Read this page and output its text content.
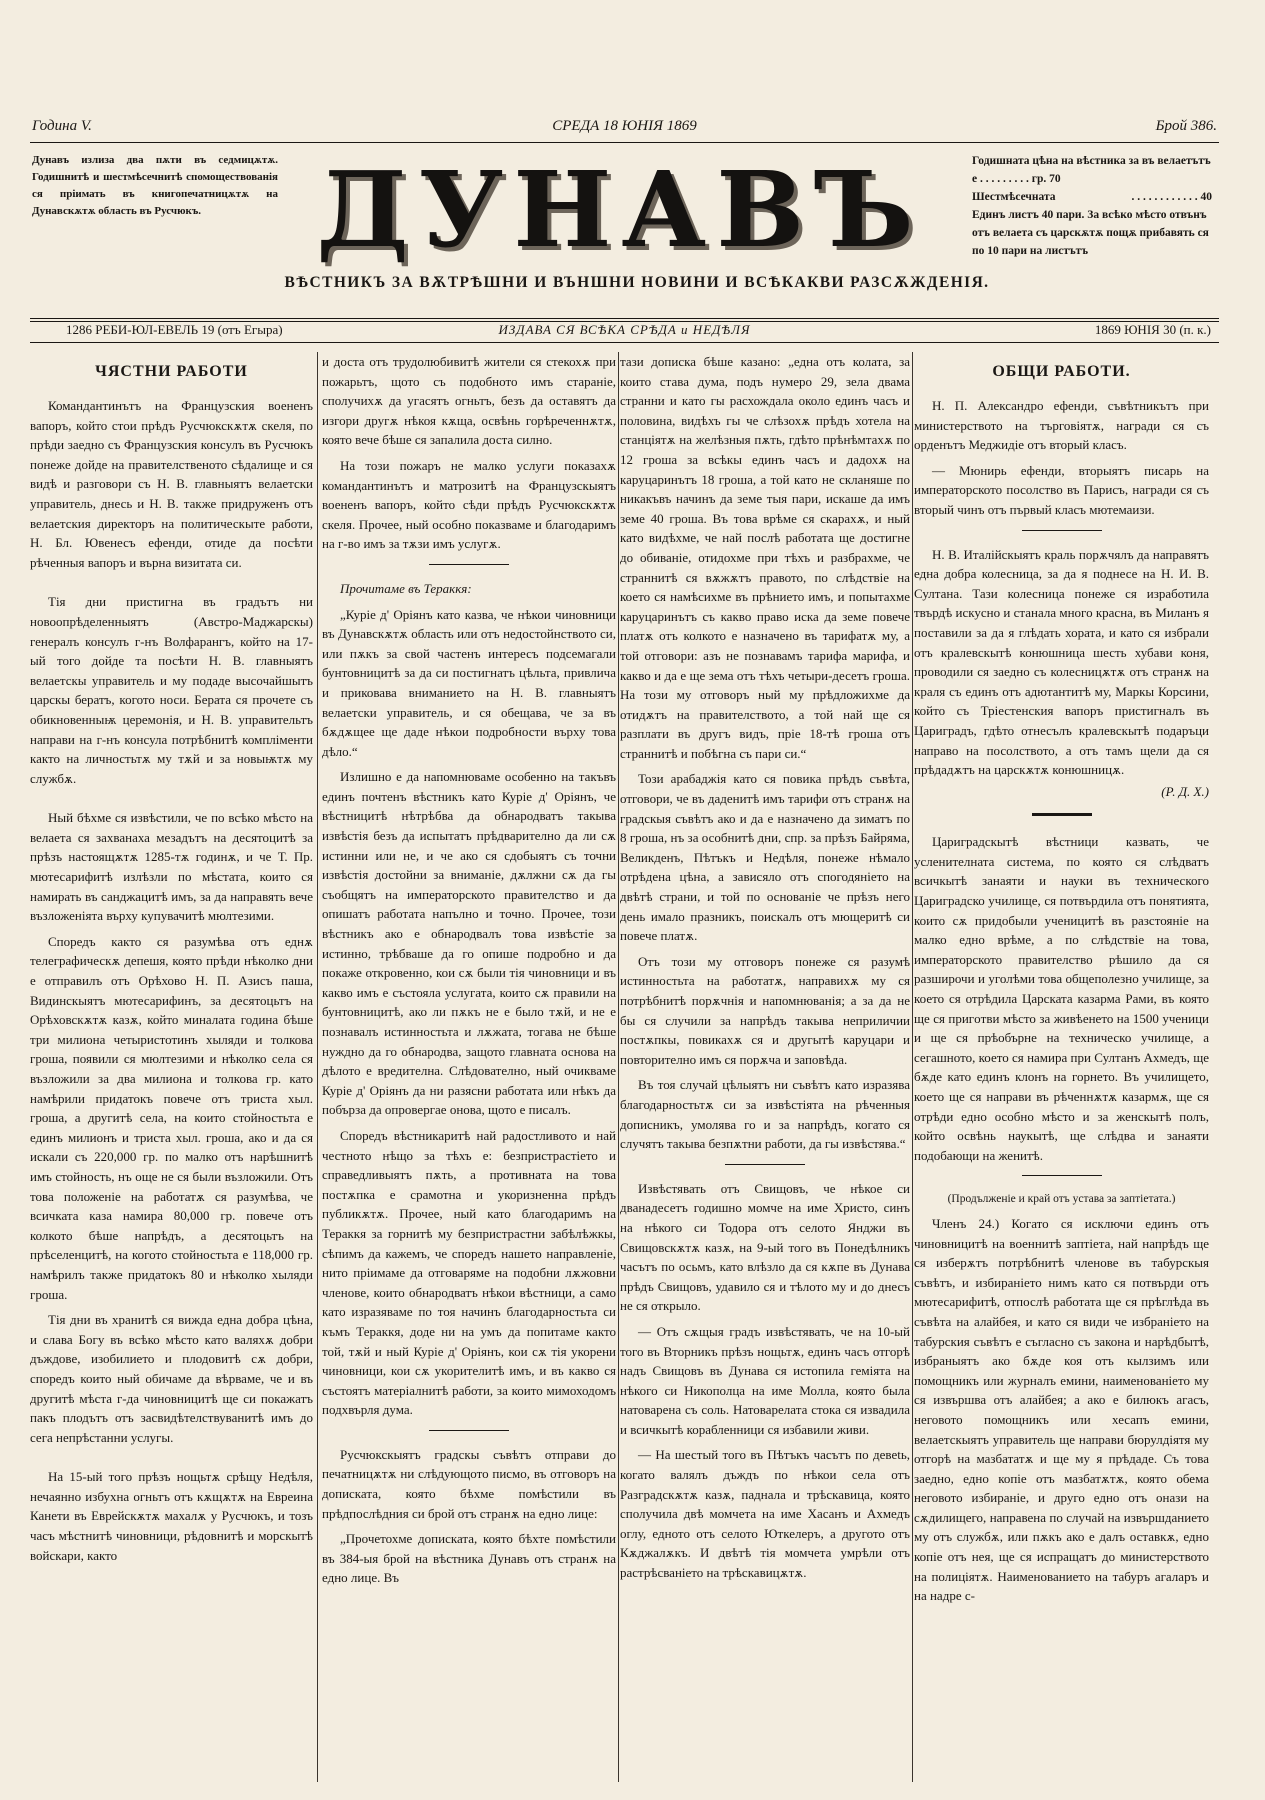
Година V.	СРЕДА 18 ЮНІЯ 1869	Брой 386.
Дунавъ излиза два пѫти въ седмицѫтѫ. Годишнитѣ и шестмѣсечнитѣ спомоществованія ся пріимать въ книгопечатницѫтѫ на Дунавскѫтѫ область въ Русчюкъ.	ДУНАВЪ	Годишната цѣна на вѣстника за въ велаетътъ е . . . . . . . . . гр. 70
Шестмѣсечната	. . . . . . . . . . . . 40
Единъ листъ 40 пари. За всѣко мѣсто отвънъ отъ велаета съ царскѫтѫ пощѫ прибавять ся по 10 пари на листътъ
ВѢСТНИКЪ ЗА ВѪТРѢШНИ И ВЪНШНИ НОВИНИ И ВСѢКАКВИ РАЗСѪЖДЕНІЯ.
1286 РЕБИ-ЮЛ-ЕВЕЛЬ 19 (отъ Егыра)	ИЗДАВА СЯ ВСѢКА СРѢДА и НЕДѢЛЯ	1869 ЮНІЯ 30 (п. к.)
ЧЯСТНИ РАБОТИ

Командантинътъ на Французския воененъ вапоръ, който стои прѣдъ Русчюкскѫтѫ скеля, по прѣди заедно съ Французския консулъ въ Русчюкъ понеже дойде на правителственото сѣдалище и ся видѣ и разговори съ Н. В. главныятъ велаетски управитель, днесь и Н. В. также придруженъ отъ велаетския директоръ на политическыте работи, Н. Бл. Ювенесъ ефенди, отиде да посѣти рѣченныя вапоръ и върна визитата си.

Тія дни пристигна въ градътъ ни новоопрѣделенныятъ (Австро-Маджарскы) генералъ консулъ г-нъ Волфарангъ, който на 17-ый того дойде та посѣти Н. В. главныятъ велаетскы управитель и му подаде высочайшытъ царскы бератъ, когото носи. Берата ся прочете съ обикновенныѭ церемонія, и Н. В. управительтъ направи на г-нъ консула потрѣбнитѣ компліменти както на личностьтѫ му тѫй и за новыѭтѫ му службѫ.

Ный бѣхме ся извѣстили, че по всѣко мѣсто на велаета ся захванаха мезадътъ на десятоцитѣ за прѣзъ настоящѫтѫ 1285-тѫ годинѫ, и че Т. Пр. мютесарифитѣ излѣзли по мѣстата, които ся намирать въ санджацитѣ имъ, за да направять вече възложеніята върху купувачитѣ мюлтезими.

Споредъ както ся разумѣва отъ еднѫ телеграфическѫ депешя, която прѣди нѣколко дни е отправилъ отъ Орѣхово Н. П. Азисъ паша, Видинскыятъ мютесарифинъ, за десятоцьтъ на Орѣховскѫтѫ казѫ, който миналата година бѣше три милиона четыристотинъ хыляди и толкова гроша, появили ся мюлтезими и нѣколко села ся възложили за два милиона и толкова гр. като намѣрили придатокъ повече отъ триста хыл. гроша, а другитѣ села, на които стойностьта е единъ милионъ и триста хыл. гроша, ако и да ся искали съ 220,000 гр. по малко отъ нарѣшнитѣ имъ стойность, нъ още не ся были възложили. Отъ това положеніе на работатѫ ся разумѣва, че всичката каза намира 80,000 гр. повече отъ колкото бѣше напрѣдъ, а десятоцьтъ на прѣселенцитѣ, на когото стойностьта е 118,000 гр. намѣрилъ также придатокъ 80 и нѣколко хыляди гроша.

Тія дни въ хранитѣ ся вижда една добра цѣна, и слава Богу въ всѣко мѣсто като валяхѫ добри дъждове, изобилието и плодовитѣ сѫ добри, споредъ които ный обичаме да вѣрваме, че и въ другитѣ мѣста г-да чиновницитѣ ще си покажатъ пакъ плодътъ отъ засвидѣтелствуванитѣ имъ до сега непрѣстанни услугы.

На 15-ый того прѣзъ нощьтѫ срѣщу Недѣля, нечаянно избухна огньтъ отъ кѫщѫтѫ на Евреина Канети въ Еврейскѫтѫ махалѫ у Русчюкъ, и тозъ часъ мѣстнитѣ чиновници, рѣдовнитѣ и морскытѣ войскари, както

и доста отъ трудолюбивитѣ жители ся стекохѫ при пожарьтъ, щото съ подобното имъ стараніе, сполучихѫ да угасятъ огньтъ, безъ да оставятъ да изгори другѫ нѣкоя кѫща, освѣнь горѣреченнѫтѫ, която вече бѣше ся запалила доста силно.

На този пожаръ не малко услуги показахѫ командантинътъ и матрозитѣ на Французскыятъ воененъ вапоръ, който сѣди прѣдъ Русчюкскѫтѫ скеля. Прочее, ный особно показваме и благодаримъ на г-во имъ за тѫзи имъ услугѫ.

Прочитаме въ Тераккя:

„Курiе д' Орiянъ като казва, че нѣкои чиновници въ Дунавскѫтѫ область или отъ недостойнството си, или пѫкъ за свой частенъ интересъ подсемагали бунтовницитѣ за да си постигнатъ цѣльта, привлича и приковава вниманието на Н. В. главныятъ велаетски управитель, и ся обещава, че за въ бѫдѫщее ще даде нѣкои подробности върху това дѣло.“

Излишно е да напомнюваме особенно на такъвъ единъ почтенъ вѣстникъ като Курiе д' Орiянъ, че вѣстницитѣ нѣтрѣбва да обнародватъ такыва извѣстія безъ да испытатъ прѣдварително да ли сѫ истинни или не, и че ако ся сдобыятъ съ точни извѣстія достойни за вниманіе, дѫлжни сѫ да гы съобщятъ на императорското правителство и да опишатъ работата напълно и точно. Прочее, този вѣстникъ ако е обнародвалъ това извѣстіе за истинно, трѣбваше да го опише подробно и да покаже откровенно, кои сѫ были тія чиновници и въ какво имъ е състояла услугата, които сѫ правили на бунтовницитѣ, ако ли пѫкъ не е было тѫй, и не е познавалъ истинностьта и лѫжата, тогава не бѣше нуждно да го обнародва, защото главната основа на дѣлото е вредителна. Слѣдователно, ный очикваме Курiе д' Орiянъ да ни разясни работата или нѣкъ да побърза да опровергае онова, щото е писалъ.

Споредъ вѣстникаритѣ най радостливото и най честното нѣщо за тѣхъ е: безпристрастiето и справедливыятъ пѫть, а противната на това постѫпка е срамотна и укоризненна прѣдъ публикѫтѫ. Прочее, ный като благодаримъ на Тераккя за горнитѣ му безпристрастни забѣлѣжкы, сѣпимъ да кажемъ, че споредъ нашето направленіе, нито пріимаме да отговаряме на подобни лѫжовни членове, които обнародватъ нѣкои вѣстници, а само като изразяваме по тоя начинъ благодарностьта си къмъ Тераккя, доде ни на умъ да попитаме както той, тѫй и ный Курiе д' Орiянъ, кои сѫ тія укорени чиновници, кои сѫ укорителитѣ имъ, и въ какво ся състоятъ матеріалнитѣ работи, за които мимоходомъ подхвърля дума.

Русчюкскыятъ градскы съвѣтъ отправи до печатницѫтѫ ни слѣдующото писмо, въ отговоръ на дописката, която бѣхме помѣстили въ прѣдпослѣдния си брой отъ странѫ на едно лице:

„Прочетохме дописката, която бѣхте помѣстили въ 384-ыя брой на вѣстника Дунавъ отъ странѫ на едно лице. Въ

тази дописка бѣше казано: „една отъ колата, за които става дума, подъ нумеро 29, зела двама странни и като гы расхождала около единъ часъ и половина, видѣхъ гы че слѣзохѫ прѣдъ хотела на станціятѫ на желѣзныя пѫть, гдѣто прѣнѣмтахѫ по 12 гроша за всѣкы единъ часъ и дадохѫ на каруцаринътъ 18 гроша, а той като не скланяше по никакъвъ начинъ да земе тыя пари, искаше да имъ земе 40 гроша. Въ това врѣме ся скарахѫ, и ный като видѣхме, че най послѣ работата ще достигне до обиваніе, отидохме при тѣхъ и разбрахме, че страннитѣ ся вѫжѫтъ правото, по слѣдствіе на което ся намѣсихме въ прѣнието имъ, и попытахме каруцаринътъ съ какво право иска да земе повече платѫ отъ колкото е назначено въ тарифатѫ му, а той отговори: азъ не познавамъ тарифа марифа, и какво и да е ще зема отъ тѣхъ четыри-десетъ гроша. На този му отговоръ ный му прѣдложихме да отидѫтъ на правителството, а той най ще ся разплати въ другъ видъ, прiе 18-тѣ гроша отъ страннитѣ и побѣгна съ пари си.“

Този арабаджія като ся повика прѣдъ съвѣта, отговори, че въ даденитѣ имъ тарифи отъ странѫ на градскыя съвѣтъ ако и да е назначено да зиматъ по 8 гроша, нъ за особнитѣ дни, спр. за прѣзъ Байряма, Великденъ, Пѣтъкъ и Недѣля, понеже нѣмало отрѣдена цѣна, а зависяло отъ спогодяніето на двѣтѣ страни, и той по основаніе че прѣзъ него день имало празникъ, поискалъ отъ мющеритѣ си повече платѫ.

Отъ този му отговоръ понеже ся разумѣ истинностьта на работатѫ, направихѫ му ся потрѣбнитѣ порѫчнія и напомнюванія; а за да не бы ся случили за напрѣдъ такыва неприличии постѫпкы, повикахѫ ся и другытѣ каруцари и повторително имъ ся порѫча и заповѣда.

Въ тоя случай цѣлыятъ ни съвѣтъ като изразява благодарностьтѫ си за извѣстіята на рѣченныя дописникъ, умолява го и за напрѣдъ, когато ся случятъ такыва безпѫтни работи, да гы извѣстява.“

Извѣстявать отъ Свищовъ, че нѣкое си дванадесетъ годишно момче на име Христо, синъ на нѣкого си Тодора отъ селото Янджи въ Свищовскѫтѫ казѫ, на 9-ый того въ Понедѣлникъ часътъ по осьмъ, като влѣзло да ся кѫпе въ Дунава прѣдъ Свищовъ, удавило ся и тѣлото му и до днесъ не ся открыло.

— Отъ сѫщыя градъ извѣстявать, че на 10-ый того въ Вторникъ прѣзъ нощьтѫ, единъ часъ отгорѣ надъ Свищовъ въ Дунава ся истопила геміята на нѣкого си Никополца на име Молла, която была натоварена съ соль. Натоварелата стока ся извадила и всичкытѣ корабленници ся избавили живи.

— На шестый того въ Пѣтъкъ часътъ по девеtь, когато валялъ дъждъ по нѣкои села отъ Разградскѫтѫ казѫ, паднала и трѣскавица, която сполучила двѣ момчета на име Хасанъ и Ахмедъ оглу, едното отъ селото Юткелеръ, а другото отъ Кѫджалѫкъ. И двѣтѣ тія момчета умрѣли отъ растрѣсваніето на трѣскавицѫтѫ.

ОБЩИ РАБОТИ.

Н. П. Александро ефенди, съвѣтникътъ при министерството на търговіятѫ, награди ся съ орденътъ Меджидіе отъ вторый класъ.

— Мюнирь ефенди, вторыятъ писарь на императорското посолство въ Парисъ, награди ся съ вторый чинъ отъ първый класъ мютемаизи.

Н. В. Италійскыятъ краль порѫчялъ да направятъ една добра колесница, за да я поднесе на Н. И. В. Султана. Тази колесница понеже ся изработила твърдѣ искусно и станала много красна, въ Миланъ я поставили за да я глѣдать хората, и като ся избрали отъ кралевскытѣ конюшница шесть хубави коня, проводили ся заедно съ колесницѫтѫ отъ странѫ на краля съ единъ отъ адютантитѣ му, Маркы Корсини, който съ Тріестенския вапоръ пристигналъ въ Цариградъ, гдѣто отнесълъ кралевскытѣ подаръци направо на посолството, а отъ тамъ щели да ся прѣдадѫтъ на царскѫтѫ конюшницѫ.

(Р. Д. Х.)

Цариградскытѣ вѣстници казвать, че усленителната система, по която ся слѣдватъ всичкытѣ занаяти и науки въ технического Цариградско училище, ся потвърдила отъ понятията, които сѫ придобыли ученицитѣ въ разстояніе на малко едно врѣме, а по слѣдствіе на това, императорското правителство рѣшило да ся разширочи и уголѣми това общеполезно училище, за което ся отрѣдила Царската казарма Рами, въ която ще ся пригoтви мѣсто за живѣенето на 1500 ученици и ще ся прѣобърне на техническо училище, а сегашното, което ся намира при Султанъ Ахмедъ, ще бѫде като единъ клонъ на горнето. Въ училището, което ще ся направи въ рѣченнѫтѫ казармѫ, ще ся отрѣди едно особно мѣсто и за женскытѣ полъ, който освѣнь наукытѣ, ще слѣдва и занаяти подобающи на женитѣ.

(Продълженіе и край отъ устава за заптіетата.)

Членъ 24.) Когато ся исключи единъ отъ чиновницитѣ на военнитѣ заптіета, най напрѣдъ ще ся изберѫтъ потрѣбнитѣ членове въ табурскыя съвѣтъ, и избираніето нимъ като ся потвърди отъ мютесарифитѣ, отпослѣ работата ще ся прѣглѣда въ съвѣта на алайбея, и като ся види че избраніето на табурския съвѣтъ е съгласно съ закона и нарѣдбытѣ, избраныятъ ако бѫде коя отъ кылзимъ или помощникъ или журналъ емини, наименованіето му ся извършва отъ алайбея; а ако е билюкъ агасъ, неговото помощникъ или хесапъ емини, велаетскыятъ управитель ще направи бюрулдіятя му отгорѣ на мазбататѫ и ще му я прѣдаде. Съ това заедно, едно копіе отъ мазбатѫтѫ, която обема неговото избираніе, и друго едно отъ онази на сѫдилищего, направена по случай на извършданието му отъ службѫ, или пѫкъ ако е далъ оставкѫ, едно копіе отъ нея, ще ся испращатъ до министерството на полиціятѫ. Наименованието на табуръ агаларъ и на надре с-
